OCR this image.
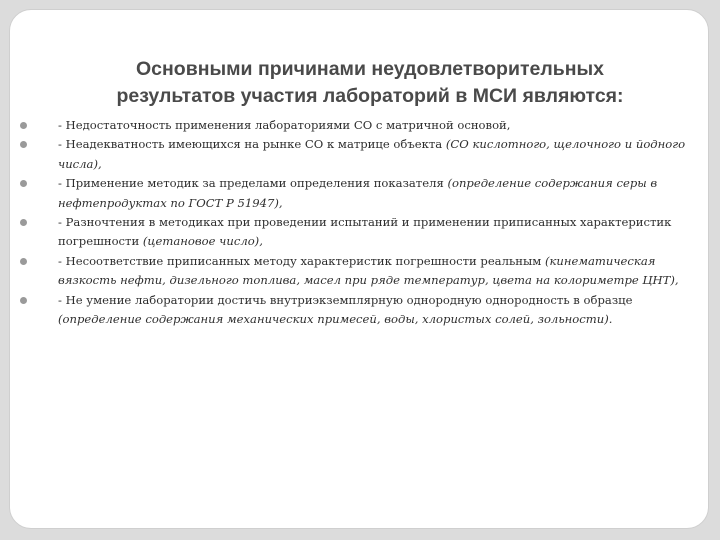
Основными причинами неудовлетворительных
результатов участия лабораторий в МСИ являются:
- Недостаточность применения лабораториями СО с матричной основой,
- Неадекватность имеющихся на рынке СО к матрице объекта (СО кислотного, щелочного и йодного числа),
- Применение методик за пределами определения показателя (определение содержания серы в нефтепродуктах по ГОСТ Р 51947),
- Разночтения в методиках при проведении испытаний и применении приписанных характеристик погрешности (цетановое число),
- Несоответствие приписанных методу характеристик погрешности реальным (кинематическая вязкость нефти, дизельного топлива, масел при ряде температур, цвета на колориметре ЦНТ),
- Не умение лаборатории достичь внутриэкземплярную однородную однородность в образце (определение содержания механических примесей, воды, хлористых солей, зольности).
